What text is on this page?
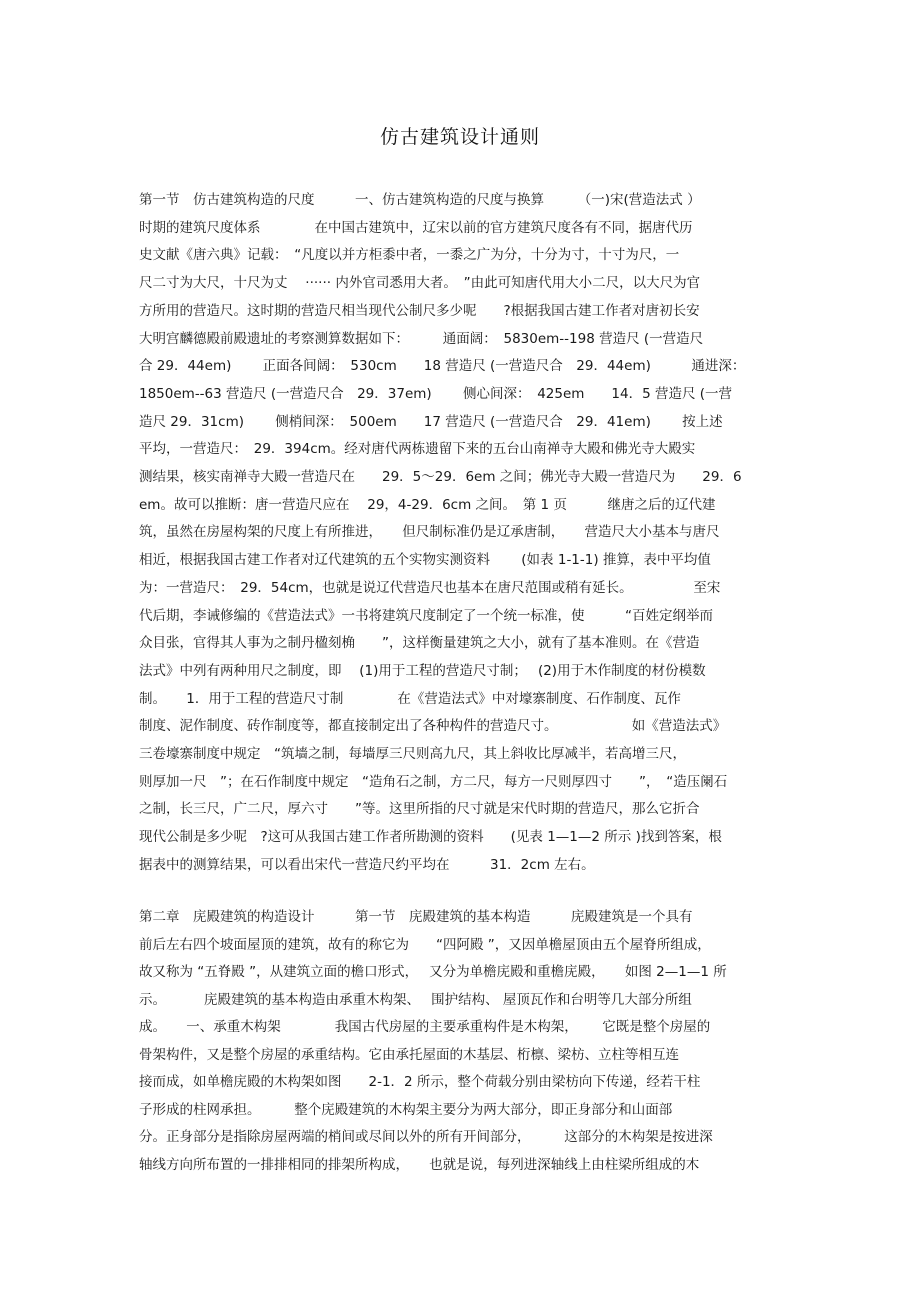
仿古建筑设计通则
第一节　仿古建筑构造的尺度　　　一、仿古建筑构造的尺度与换算　　　（一)宋(营造法式 ）
时期的建筑尺度体系　　　　在中国古建筑中，辽宋以前的官方建筑尺度各有不同，据唐代历
史文献《唐六典》记载：　“凡度以并方柜黍中者，一黍之广为分，十分为寸，十寸为尺，一
尺二寸为大尺，十尺为丈　 ······ 内外官司悉用大者。　”由此可知唐代用大小二尺，以大尺为官
方所用的营造尺。这时期的营造尺相当现代公制尺多少呢　　?根据我国古建工作者对唐初长安
大明宫麟德殿前殿遗址的考察测算数据如下：　　　通面阔：　5830em--198 营造尺 (一营造尺
合 29．44em)　　 正面各间阔：　530cm　　18 营造尺 (一营造尺合　29．44em)　　　通进深：
1850em--63 营造尺 (一营造尺合　29．37em)　　 侧心间深：　425em　　14．5 营造尺 (一营
造尺 29．31cm)　　 侧梢间深：　500em　　17 营造尺 (一营造尺合　29．41em)　　 按上述
平均，一营造尺：　29．394cm。经对唐代两栋遗留下来的五台山南禅寺大殿和佛光寺大殿实
测结果，核实南禅寺大殿一营造尺在　　29．5～29．6em 之间；佛光寺大殿一营造尺为　　29．6
em。故可以推断：唐一营造尺应在　 29，4-29．6cm 之间。　第 1 页　　　继唐之后的辽代建
筑，虽然在房屋构架的尺度上有所推进，　　但尺制标准仍是辽承唐制，　　营造尺大小基本与唐尺
相近，根据我国古建工作者对辽代建筑的五个实物实测资料　　 (如表 1-1-1) 推算，表中平均值
为：一营造尺：　29．54cm，也就是说辽代营造尺也基本在唐尺范围或稍有延长。　　　　　至宋
代后期，李诫修编的《营造法式》一书将建筑尺度制定了一个统一标准，使　　　“百姓定纲举而
众目张，官得其人事为之制丹楹刻桷　　”，这样衡量建筑之大小，就有了基本准则。在《营造
法式》中列有两种用尺之制度，即　 (1)用于工程的营造尺寸制；　 (2)用于木作制度的材份模数
制。　　1．用于工程的营造尺寸制　　　　在《营造法式》中对壕寨制度、石作制度、瓦作
制度、泥作制度、砖作制度等，都直接制定出了各种构件的营造尺寸。　　　　　　如《营造法式》
三卷壕寨制度中规定　“筑墙之制，每墙厚三尺则高九尺，其上斜收比厚减半，若高增三尺，
则厚加一尺　”；在石作制度中规定　“造角石之制，方二尺，每方一尺则厚四寸　　”，　“造压阑石
之制，长三尺，广二尺，厚六寸　　”等。这里所指的尺寸就是宋代时期的营造尺，那么它折合
现代公制是多少呢　?这可从我国古建工作者所勘测的资料　　(见表 1—1—2 所示 )找到答案，根
据表中的测算结果，可以看出宋代一营造尺约平均在　　　31．2cm 左右。
第二章　庑殿建筑的构造设计　　　第一节　庑殿建筑的基本构造　　　庑殿建筑是一个具有
前后左右四个坡面屋顶的建筑，故有的称它为　　“四阿殿 ”，又因单檐屋顶由五个屋脊所组成，
故又称为 “五脊殿 ”，从建筑立面的檐口形式，　 又分为单檐庑殿和重檐庑殿，　　如图 2—1—1 所
示。　　　 庑殿建筑的基本构造由承重木构架、　 围护结构、 屋顶瓦作和台明等几大部分所组
成。　　一、承重木构架　　　　我国古代房屋的主要承重构件是木构架，　　 它既是整个房屋的
骨架构件，又是整个房屋的承重结构。它由承托屋面的木基层、桁檩、梁枋、立柱等相互连
接而成，如单檐庑殿的木构架如图　　2-1．2 所示，整个荷载分别由梁枋向下传递，经若干柱
子形成的柱网承担。　　　整个庑殿建筑的木构架主要分为两大部分，即正身部分和山面部
分。正身部分是指除房屋两端的梢间或尽间以外的所有开间部分，　　　这部分的木构架是按进深
轴线方向所布置的一排排相同的排架所构成，　　也就是说，每列进深轴线上由柱梁所组成的木
